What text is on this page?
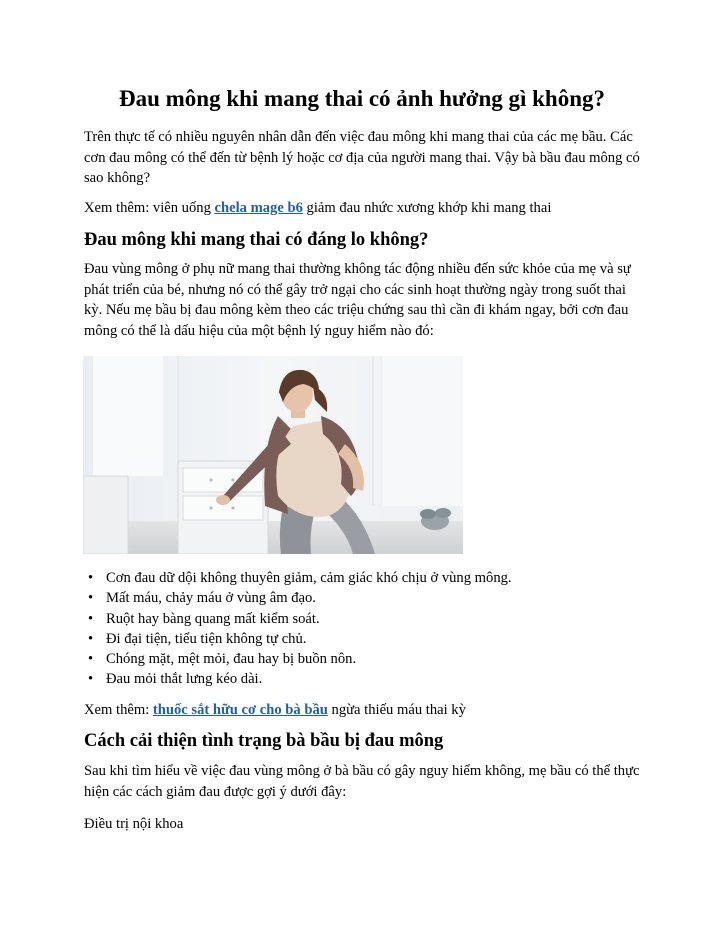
Đau mông khi mang thai có ảnh hưởng gì không?

Trên thực tế có nhiều nguyên nhân dẫn đến việc đau mông khi mang thai của các mẹ bầu. Các cơn đau mông có thể đến từ bệnh lý hoặc cơ địa của người mang thai. Vậy bà bầu đau mông có sao không?

Xem thêm: viên uống chela mage b6 giảm đau nhức xương khớp khi mang thai

Đau mông khi mang thai có đáng lo không?

Đau vùng mông ở phụ nữ mang thai thường không tác động nhiều đến sức khỏe của mẹ và sự phát triển của bé, nhưng nó có thể gây trở ngại cho các sinh hoạt thường ngày trong suốt thai kỳ. Nếu mẹ bầu bị đau mông kèm theo các triệu chứng sau thì cần đi khám ngay, bởi cơn đau mông có thể là dấu hiệu của một bệnh lý nguy hiểm nào đó:

• Cơn đau dữ dội không thuyên giảm, cảm giác khó chịu ở vùng mông.
• Mất máu, chảy máu ở vùng âm đạo.
• Ruột hay bàng quang mất kiểm soát.
• Đi đại tiện, tiểu tiện không tự chủ.
• Chóng mặt, mệt mỏi, đau hay bị buồn nôn.
• Đau mỏi thắt lưng kéo dài.

Xem thêm: thuốc sắt hữu cơ cho bà bầu ngừa thiếu máu thai kỳ

Cách cải thiện tình trạng bà bầu bị đau mông

Sau khi tìm hiểu về việc đau vùng mông ở bà bầu có gây nguy hiểm không, mẹ bầu có thể thực hiện các cách giảm đau được gợi ý dưới đây:

Điều trị nội khoa
